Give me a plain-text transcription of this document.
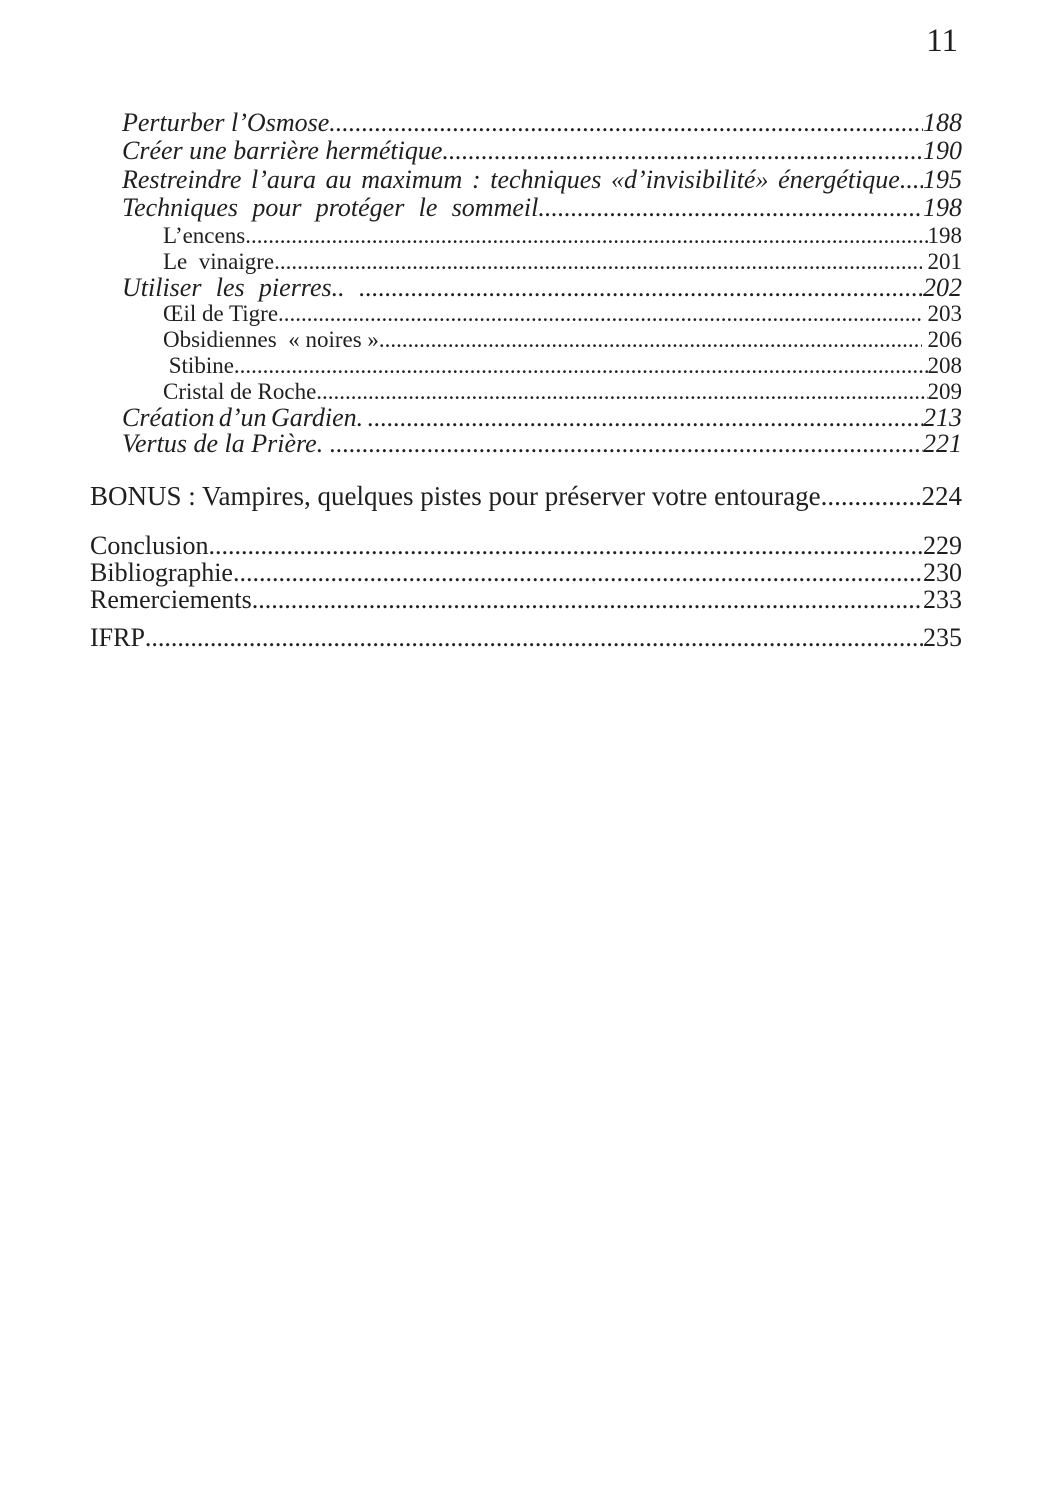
11
Perturber l’Osmose .....	188
Créer une barrière hermétique .....	190
Restreindre l’aura au maximum : techniques «d’invisibilité» énergétique ..... 195
Techniques pour protéger le sommeil .....	198
L’encens .....	198
Le  vinaigre .....	201
Utiliser les pierres.. .....	202
Œil de Tigre .....	203
Obsidiennes  « noires » .....	206
Stibine .....	208
Cristal de Roche .....	209
Création d’un Gardien. .....	213
Vertus de la Prière. .....	221
BONUS : Vampires, quelques pistes pour préserver votre entourage .....	224
Conclusion .....	229
Bibliographie .....	230
Remerciements .....	233
IFRP .....	235
